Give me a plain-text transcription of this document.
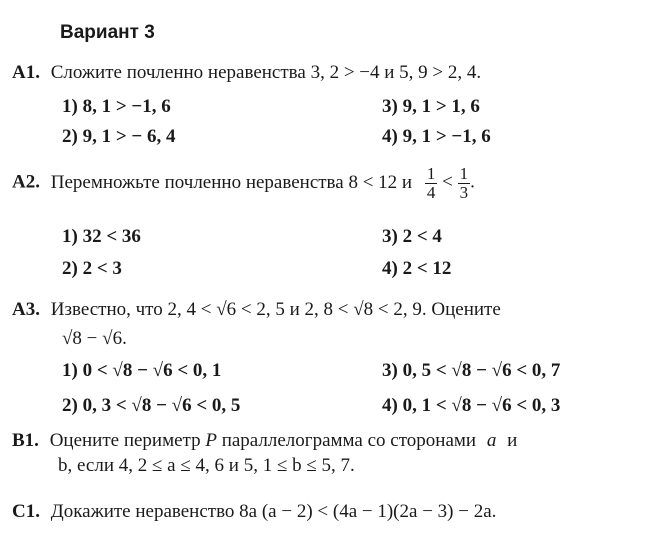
Вариант 3
А1. Сложите почленно неравенства 3, 2 > −4 и 5, 9 > 2, 4.
1) 8, 1 > −1, 6	3) 9, 1 > 1, 6
2) 9, 1 > − 6, 4	4) 9, 1 > −1, 6
А2. Перемножьте почленно неравенства 8 < 12 и $\frac{1}{4} < \frac{1}{3}$ .
1) 32 < 36	3) 2 < 4
2) 2 < 3	4) 2 < 12
А3. Известно, что 2, 4 < √6 < 2, 5 и 2, 8 < √8 < 2, 9. Оцените
√8 − √6.
1) 0 < √8 − √6 < 0, 1	3) 0, 5 < √8 − √6 < 0, 7
2) 0, 3 < √8 − √6 < 0, 5	4) 0, 1 < √8 − √6 < 0, 3
В1. Оцените периметр P параллелограмма со сторонами a и
b, если 4, 2 ≤ a ≤ 4, 6 и 5, 1 ≤ b ≤ 5, 7.
С1. Докажите неравенство 8a (a − 2) < (4a − 1)(2a − 3) − 2a.
